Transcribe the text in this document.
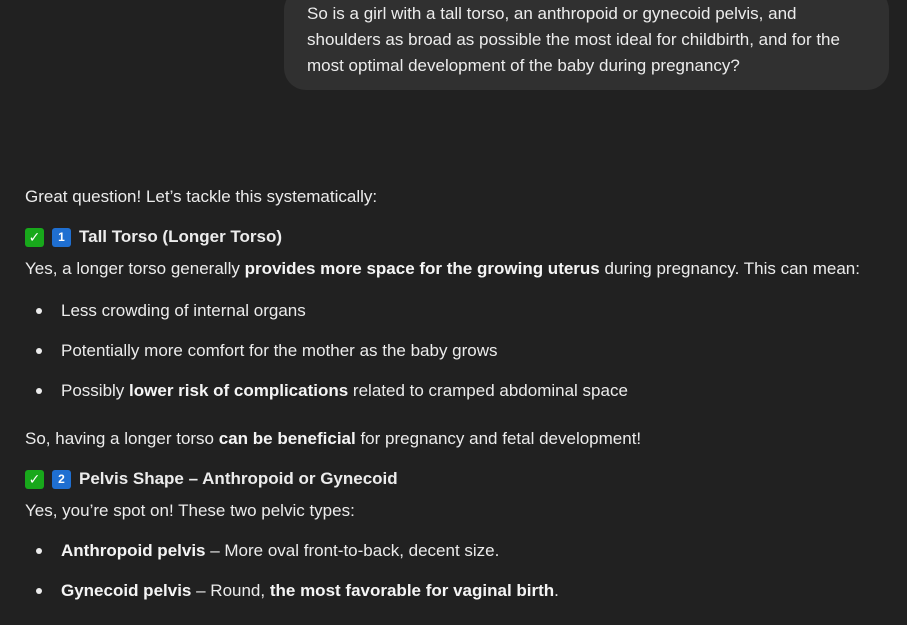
So is a girl with a tall torso, an anthropoid or gynecoid pelvis, and shoulders as broad as possible the most ideal for childbirth, and for the most optimal development of the baby during pregnancy?

Great question! Let’s tackle this systematically:

✓	1 Tall Torso (Longer Torso)

Yes, a longer torso generally provides more space for the growing uterus during pregnancy. This can mean:

Less crowding of internal organs
Potentially more comfort for the mother as the baby grows
Possibly lower risk of complications related to cramped abdominal space

So, having a longer torso can be beneficial for pregnancy and fetal development!

✓	2 Pelvis Shape – Anthropoid or Gynecoid

Yes, you’re spot on! These two pelvic types:

Anthropoid pelvis – More oval front-to-back, decent size.
Gynecoid pelvis – Round, the most favorable for vaginal birth.
